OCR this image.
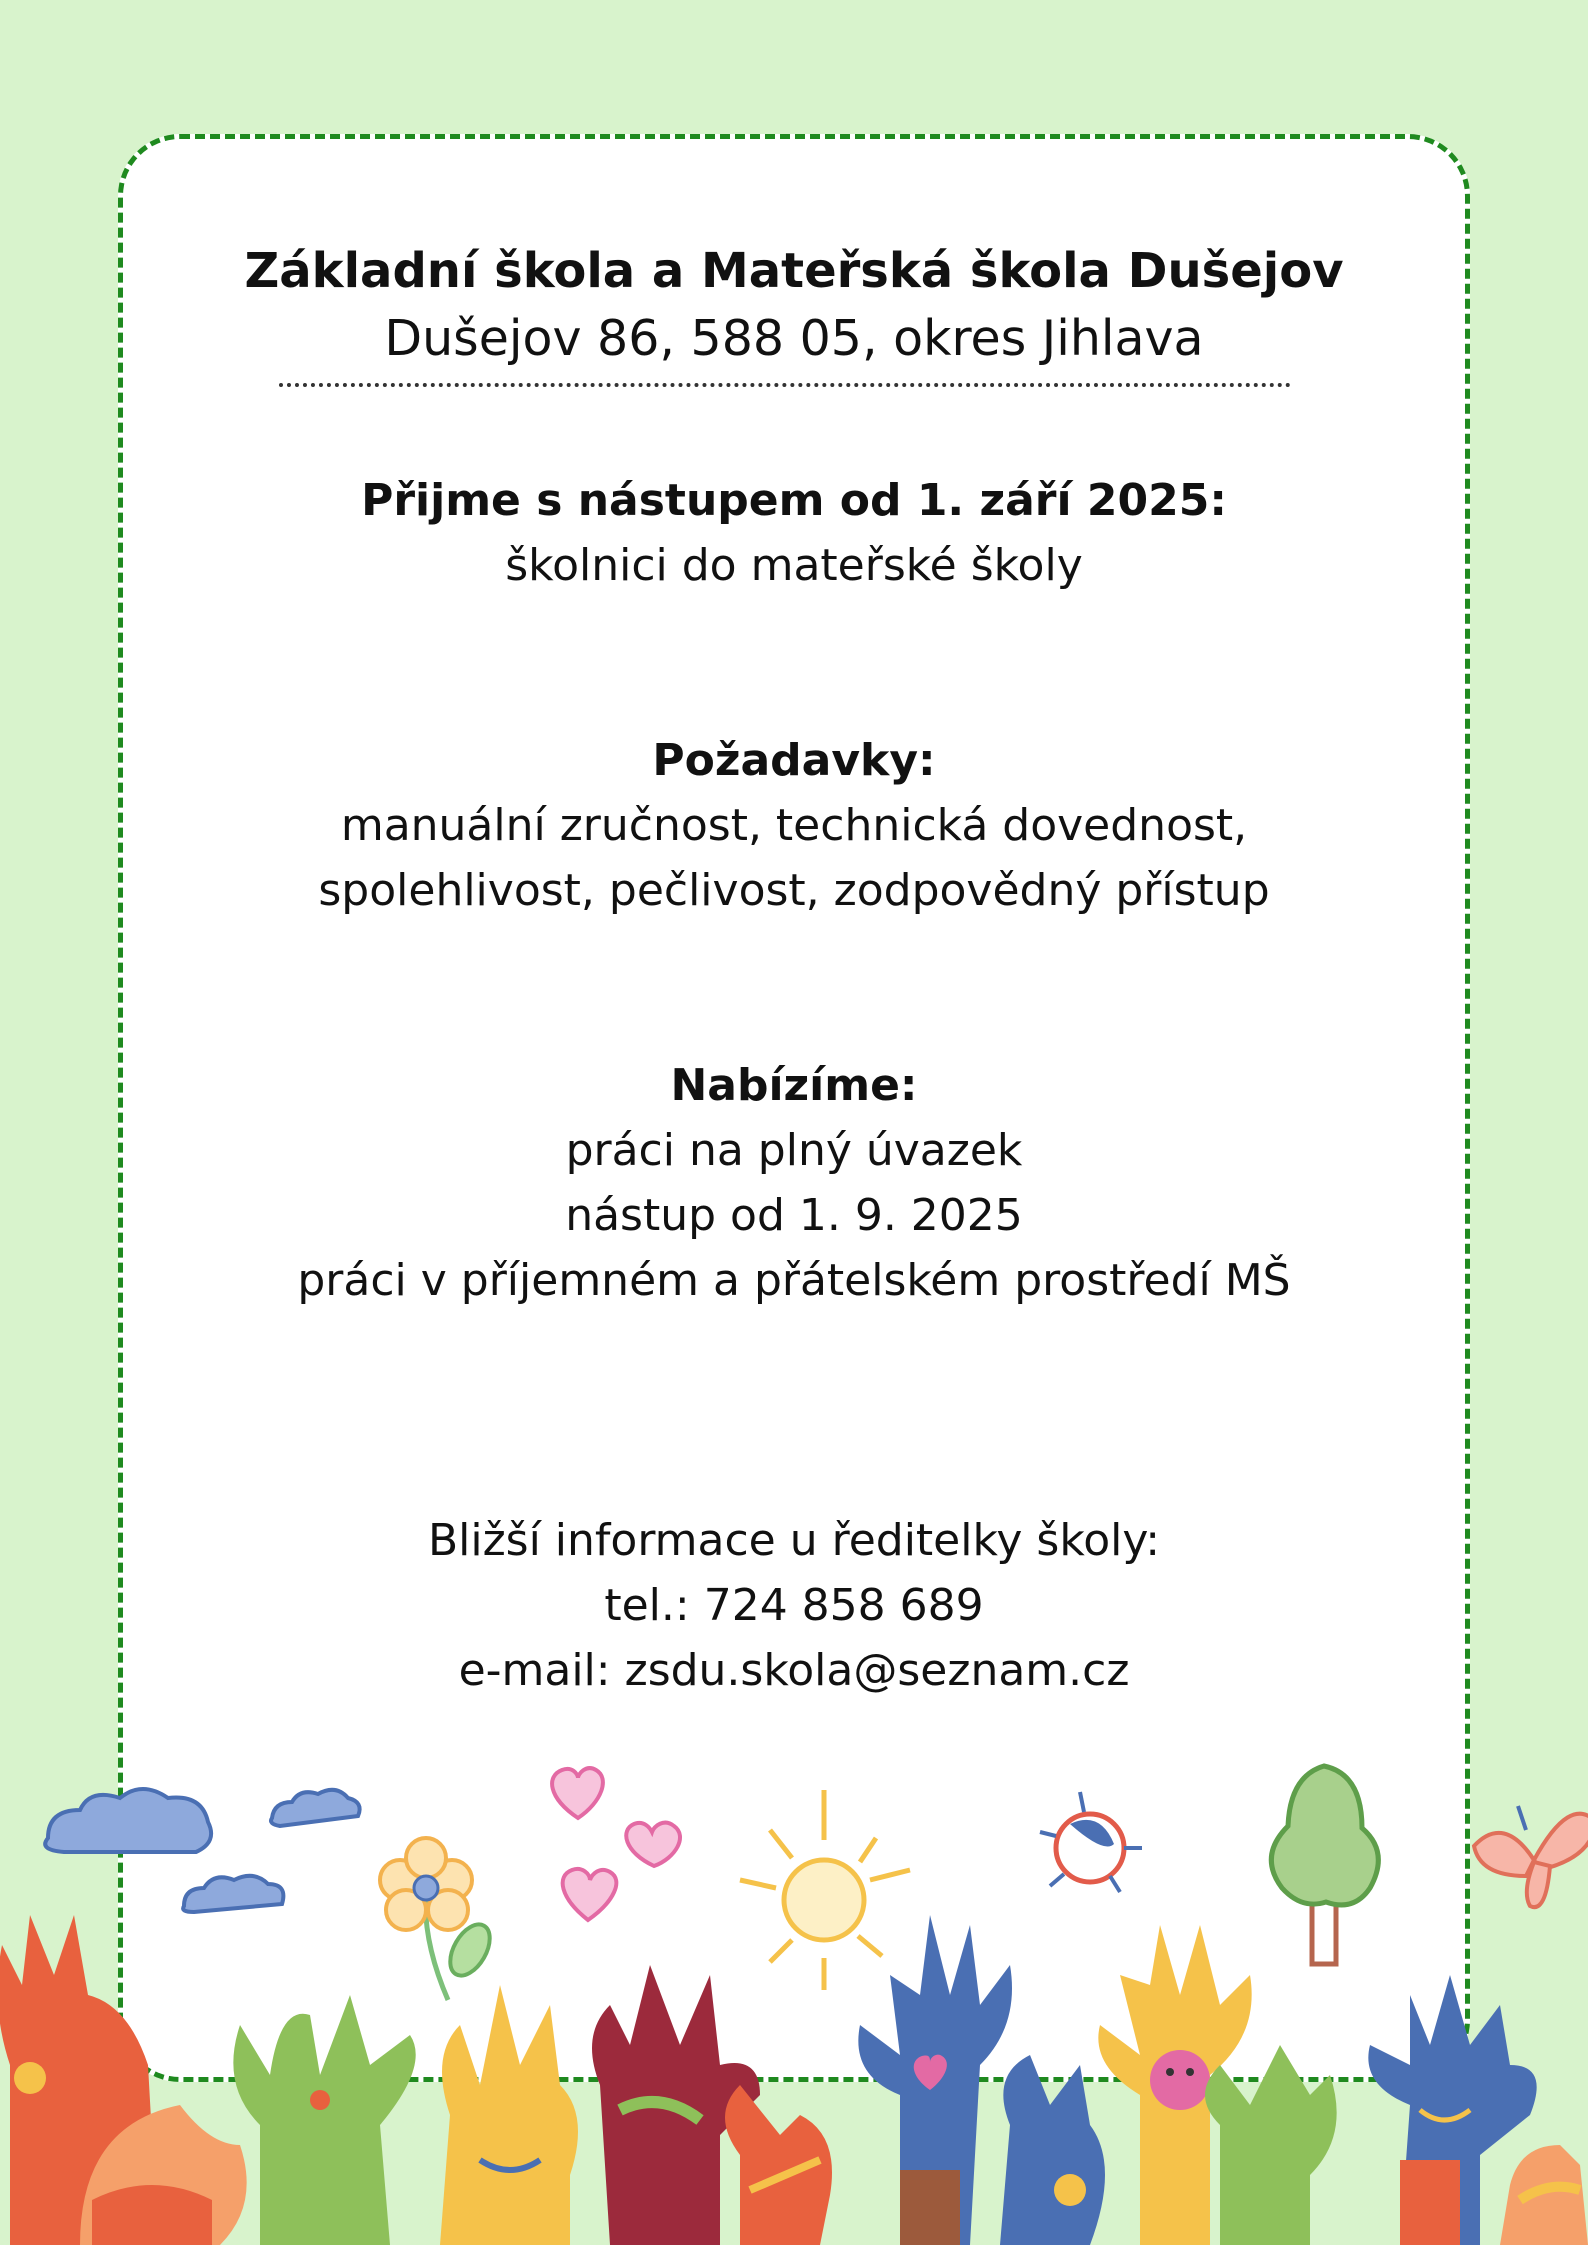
Základní škola a Mateřská škola Dušejov
Dušejov 86, 588 05, okres Jihlava
Přijme s nástupem od 1. září 2025:
školnici do mateřské školy
Požadavky:
manuální zručnost, technická dovednost,
spolehlivost, pečlivost, zodpovědný přístup
Nabízíme:
práci na plný úvazek
nástup od 1. 9. 2025
práci v příjemném a přátelském prostředí MŠ
Bližší informace u ředitelky školy:
tel.: 724 858 689
e-mail: zsdu.skola@seznam.cz
